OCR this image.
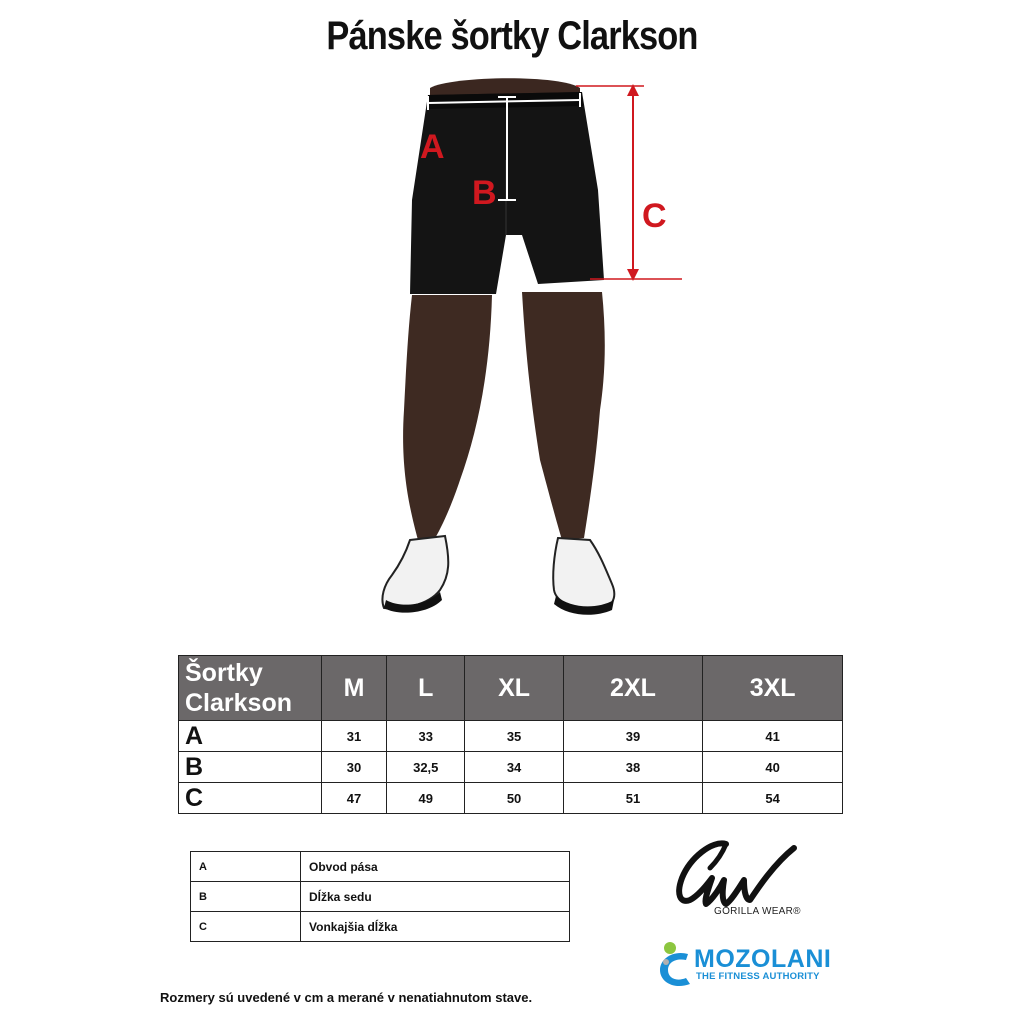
Pánske šortky Clarkson
A
B
C
Šortky Clarkson	M	L	XL	2XL	3XL
A	31	33	35	39	41
B	30	32,5	34	38	40
C	47	49	50	51	54
A	Obvod pása
B	Dĺžka sedu
C	Vonkajšia dĺžka
GORILLA WEAR®
MOZOLANI
THE FITNESS AUTHORITY
Rozmery sú uvedené v cm a merané v nenatiahnutom stave.
